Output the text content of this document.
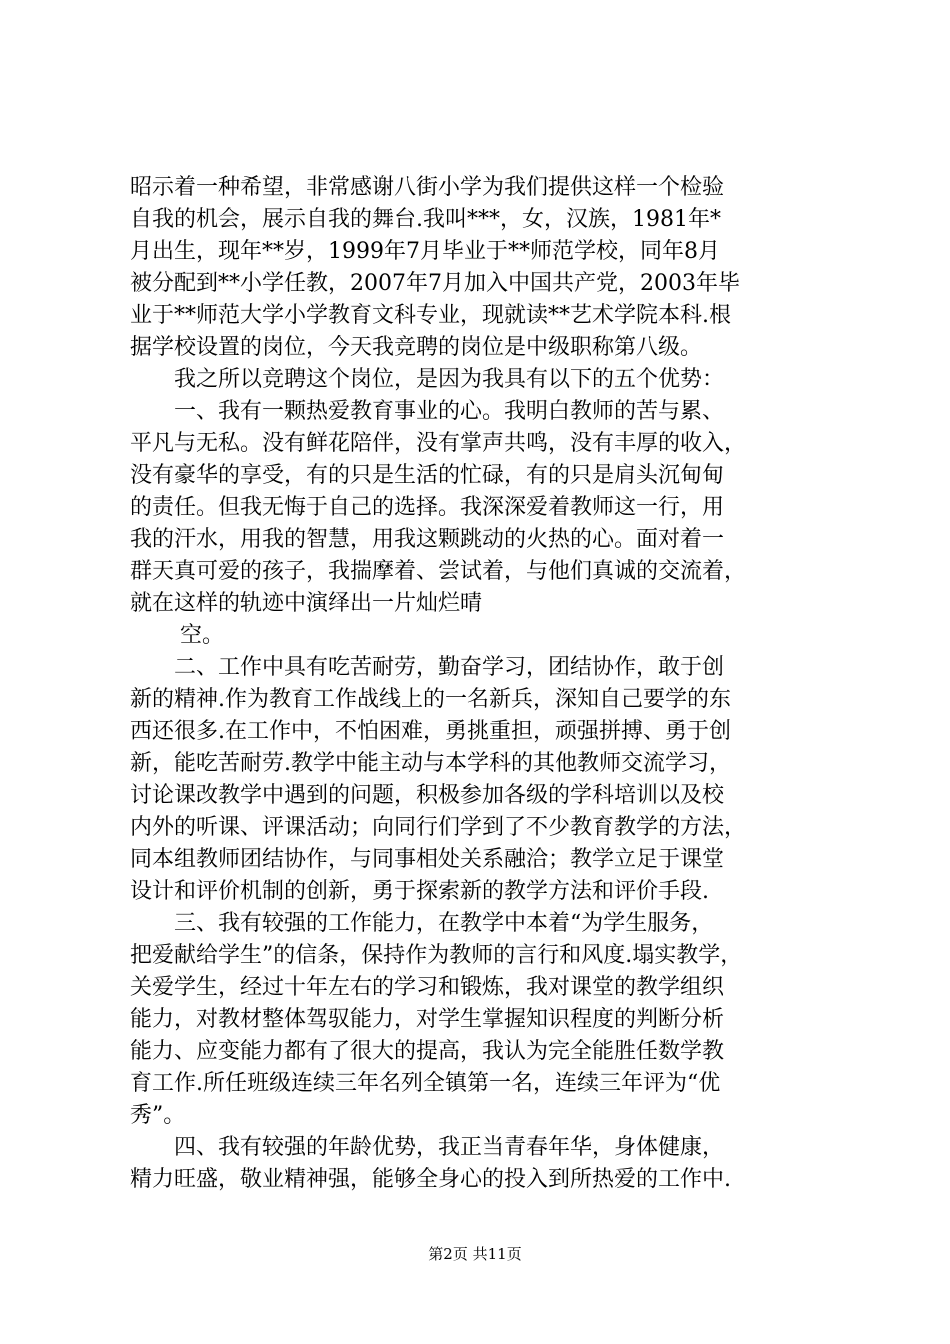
昭示着一种希望，非常感谢八街小学为我们提供这样一个检验
自我的机会，展示自我的舞台.我叫***，女，汉族，1981年*
月出生，现年**岁，1999年7月毕业于**师范学校，同年8月
被分配到**小学任教，2007年7月加入中国共产党，2003年毕
业于**师范大学小学教育文科专业，现就读**艺术学院本科.根
据学校设置的岗位，今天我竞聘的岗位是中级职称第八级。
我之所以竞聘这个岗位，是因为我具有以下的五个优势：
一、我有一颗热爱教育事业的心。我明白教师的苦与累、
平凡与无私。没有鲜花陪伴，没有掌声共鸣，没有丰厚的收入，
没有豪华的享受，有的只是生活的忙碌，有的只是肩头沉甸甸
的责任。但我无悔于自己的选择。我深深爱着教师这一行，用
我的汗水，用我的智慧，用我这颗跳动的火热的心。面对着一
群天真可爱的孩子，我揣摩着、尝试着，与他们真诚的交流着，
就在这样的轨迹中演绎出一片灿烂晴
空。
二、工作中具有吃苦耐劳，勤奋学习，团结协作，敢于创
新的精神.作为教育工作战线上的一名新兵，深知自己要学的东
西还很多.在工作中，不怕困难，勇挑重担，顽强拼搏、勇于创
新，能吃苦耐劳.教学中能主动与本学科的其他教师交流学习，
讨论课改教学中遇到的问题，积极参加各级的学科培训以及校
内外的听课、评课活动；向同行们学到了不少教育教学的方法，
同本组教师团结协作，与同事相处关系融洽；教学立足于课堂
设计和评价机制的创新，勇于探索新的教学方法和评价手段.
三、我有较强的工作能力，在教学中本着“为学生服务，
把爱献给学生”的信条，保持作为教师的言行和风度.塌实教学，
关爱学生，经过十年左右的学习和锻炼，我对课堂的教学组织
能力，对教材整体驾驭能力，对学生掌握知识程度的判断分析
能力、应变能力都有了很大的提高，我认为完全能胜任数学教
育工作.所任班级连续三年名列全镇第一名，连续三年评为“优
秀”。
四、我有较强的年龄优势，我正当青春年华，身体健康，
精力旺盛，敬业精神强，能够全身心的投入到所热爱的工作中.
第2页 共11页
